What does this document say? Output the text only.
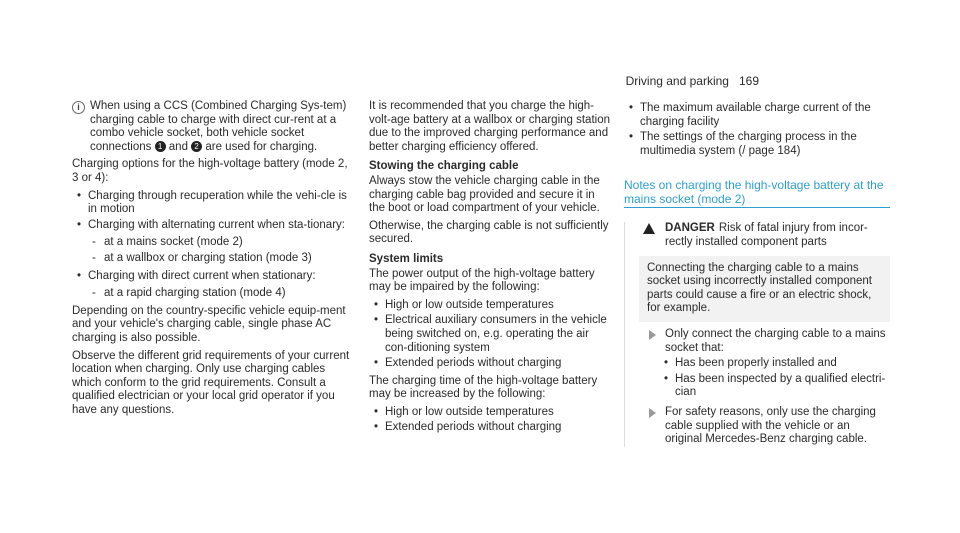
Driving and parking 169

i When using a CCS (Combined Charging Sys-tem) charging cable to charge with direct cur-rent at a combo vehicle socket, both vehicle socket connections 1 and 2 are used for charging.

Charging options for the high-voltage battery (mode 2, 3 or 4):

• Charging through recuperation while the vehi-cle is in motion
• Charging with alternating current when sta-tionary:
- at a mains socket (mode 2)
- at a wallbox or charging station (mode 3)
• Charging with direct current when stationary:
- at a rapid charging station (mode 4)

Depending on the country-specific vehicle equip-ment and your vehicle's charging cable, single phase AC charging is also possible.

Observe the different grid requirements of your current location when charging. Only use charging cables which conform to the grid requirements. Consult a qualified electrician or your local grid operator if you have any questions.

It is recommended that you charge the high-volt-age battery at a wallbox or charging station due to the improved charging performance and better charging efficiency offered.

Stowing the charging cable

Always stow the vehicle charging cable in the charging cable bag provided and secure it in the boot or load compartment of your vehicle.

Otherwise, the charging cable is not sufficiently secured.

System limits

The power output of the high-voltage battery may be impaired by the following:

• High or low outside temperatures
• Electrical auxiliary consumers in the vehicle being switched on, e.g. operating the air con-ditioning system
• Extended periods without charging

The charging time of the high-voltage battery may be increased by the following:

• High or low outside temperatures
• Extended periods without charging
• The maximum available charge current of the charging facility
• The settings of the charging process in the multimedia system (/ page 184)
Notes on charging the high-voltage battery at the mains socket (mode 2)
DANGER Risk of fatal injury from incor-rectly installed component parts
Connecting the charging cable to a mains socket using incorrectly installed component parts could cause a fire or an electric shock, for example.
Only connect the charging cable to a mains socket that:
• Has been properly installed and
• Has been inspected by a qualified electri-cian
For safety reasons, only use the charging cable supplied with the vehicle or an original Mercedes-Benz charging cable.
